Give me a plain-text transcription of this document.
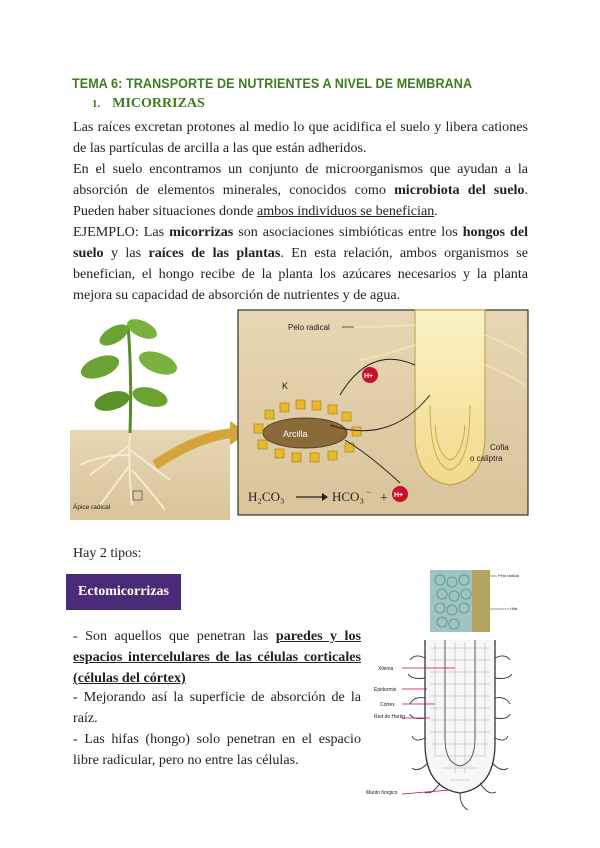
TEMA 6: TRANSPORTE DE NUTRIENTES A NIVEL DE MEMBRANA
1. MICORRIZAS
Las raíces excretan protones al medio lo que acidifica el suelo y libera cationes de las partículas de arcilla a las que están adheridos.
En el suelo encontramos un conjunto de microorganismos que ayudan a la absorción de elementos minerales, conocidos como microbiota del suelo. Pueden haber situaciones donde ambos individuos se benefician.
EJEMPLO: Las micorrizas son asociaciones simbióticas entre los hongos del suelo y las raíces de las plantas. En esta relación, ambos organismos se benefician, el hongo recibe de la planta los azúcares necesarios y la planta mejora su capacidad de absorción de nutrientes y de agua.
Ápice radical
Pelo radical
Arcilla
K
H+
H+
Cofia
o caliptra
H₂CO₃	HCO₃ − +
Hay 2 tipos:
Ectomicorrizas
- Son aquellos que penetran las paredes y los espacios intercelulares de las células corticales (células del córtex)
- Mejorando así la superficie de absorción de la raíz.
- Las hifas (hongo) solo penetran en el espacio libre radicular, pero no entre las células.
Pelo radical
Hifa
Xilema
Epidermis
Córtex
Red de Hartig
Manto fúngico
